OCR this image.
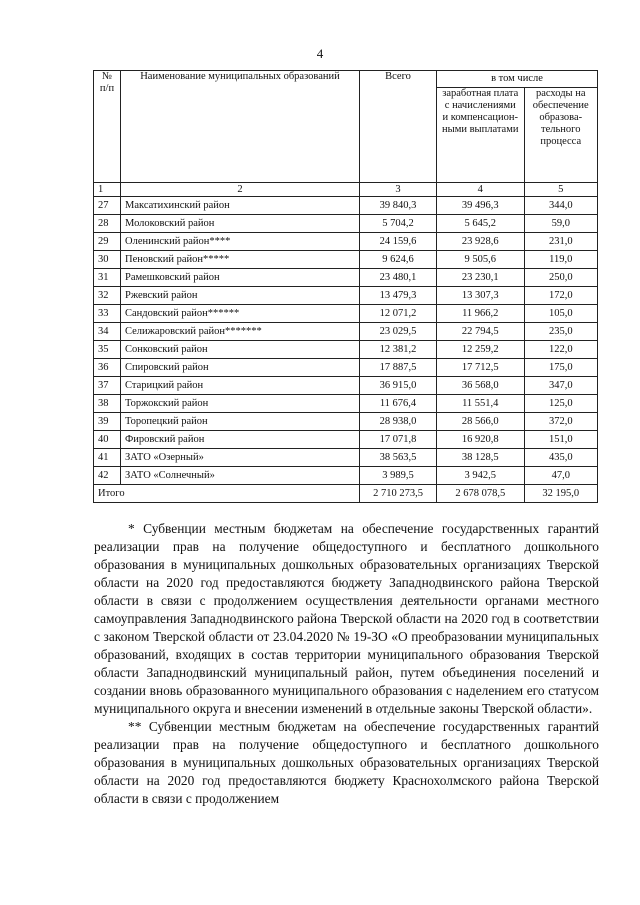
4
№ п/п	Наименование муниципальных образований	Всего	в том числе	
			заработная плата с начислениями и компенсацион-ными выплатами	расходы на обеспечение образова-тельного процесса
1	2	3	4	5
27	Максатихинский район	39 840,3	39 496,3	344,0
28	Молоковский район	5 704,2	5 645,2	59,0
29	Оленинский район****	24 159,6	23 928,6	231,0
30	Пеновский район*****	9 624,6	9 505,6	119,0
31	Рамешковский район	23 480,1	23 230,1	250,0
32	Ржевский район	13 479,3	13 307,3	172,0
33	Сандовский район******	12 071,2	11 966,2	105,0
34	Селижаровский район*******	23 029,5	22 794,5	235,0
35	Сонковский район	12 381,2	12 259,2	122,0
36	Спировский район	17 887,5	17 712,5	175,0
37	Старицкий район	36 915,0	36 568,0	347,0
38	Торжокский район	11 676,4	11 551,4	125,0
39	Торопецкий район	28 938,0	28 566,0	372,0
40	Фировский район	17 071,8	16 920,8	151,0
41	ЗАТО «Озерный»	38 563,5	38 128,5	435,0
42	ЗАТО «Солнечный»	3 989,5	3 942,5	47,0
Итого		2 710 273,5	2 678 078,5	32 195,0

* Субвенции местным бюджетам на обеспечение государственных гарантий реализации прав на получение общедоступного и бесплатного дошкольного образования в муниципальных дошкольных образовательных организациях Тверской области на 2020 год предоставляются бюджету Западнодвинского района Тверской области в связи с продолжением осуществления деятельности органами местного самоуправления Западнодвинского района Тверской области на 2020 год в соответствии с законом Тверской области от 23.04.2020 № 19-ЗО «О преобразовании муниципальных образований, входящих в состав территории муниципального образования Тверской области Западнодвинский муниципальный район, путем объединения поселений и создании вновь образованного муниципального образования с наделением его статусом муниципального округа и внесении изменений в отдельные законы Тверской области».

** Субвенции местным бюджетам на обеспечение государственных гарантий реализации прав на получение общедоступного и бесплатного дошкольного образования в муниципальных дошкольных образовательных организациях Тверской области на 2020 год предоставляются бюджету Краснохолмского района Тверской области в связи с продолжением
